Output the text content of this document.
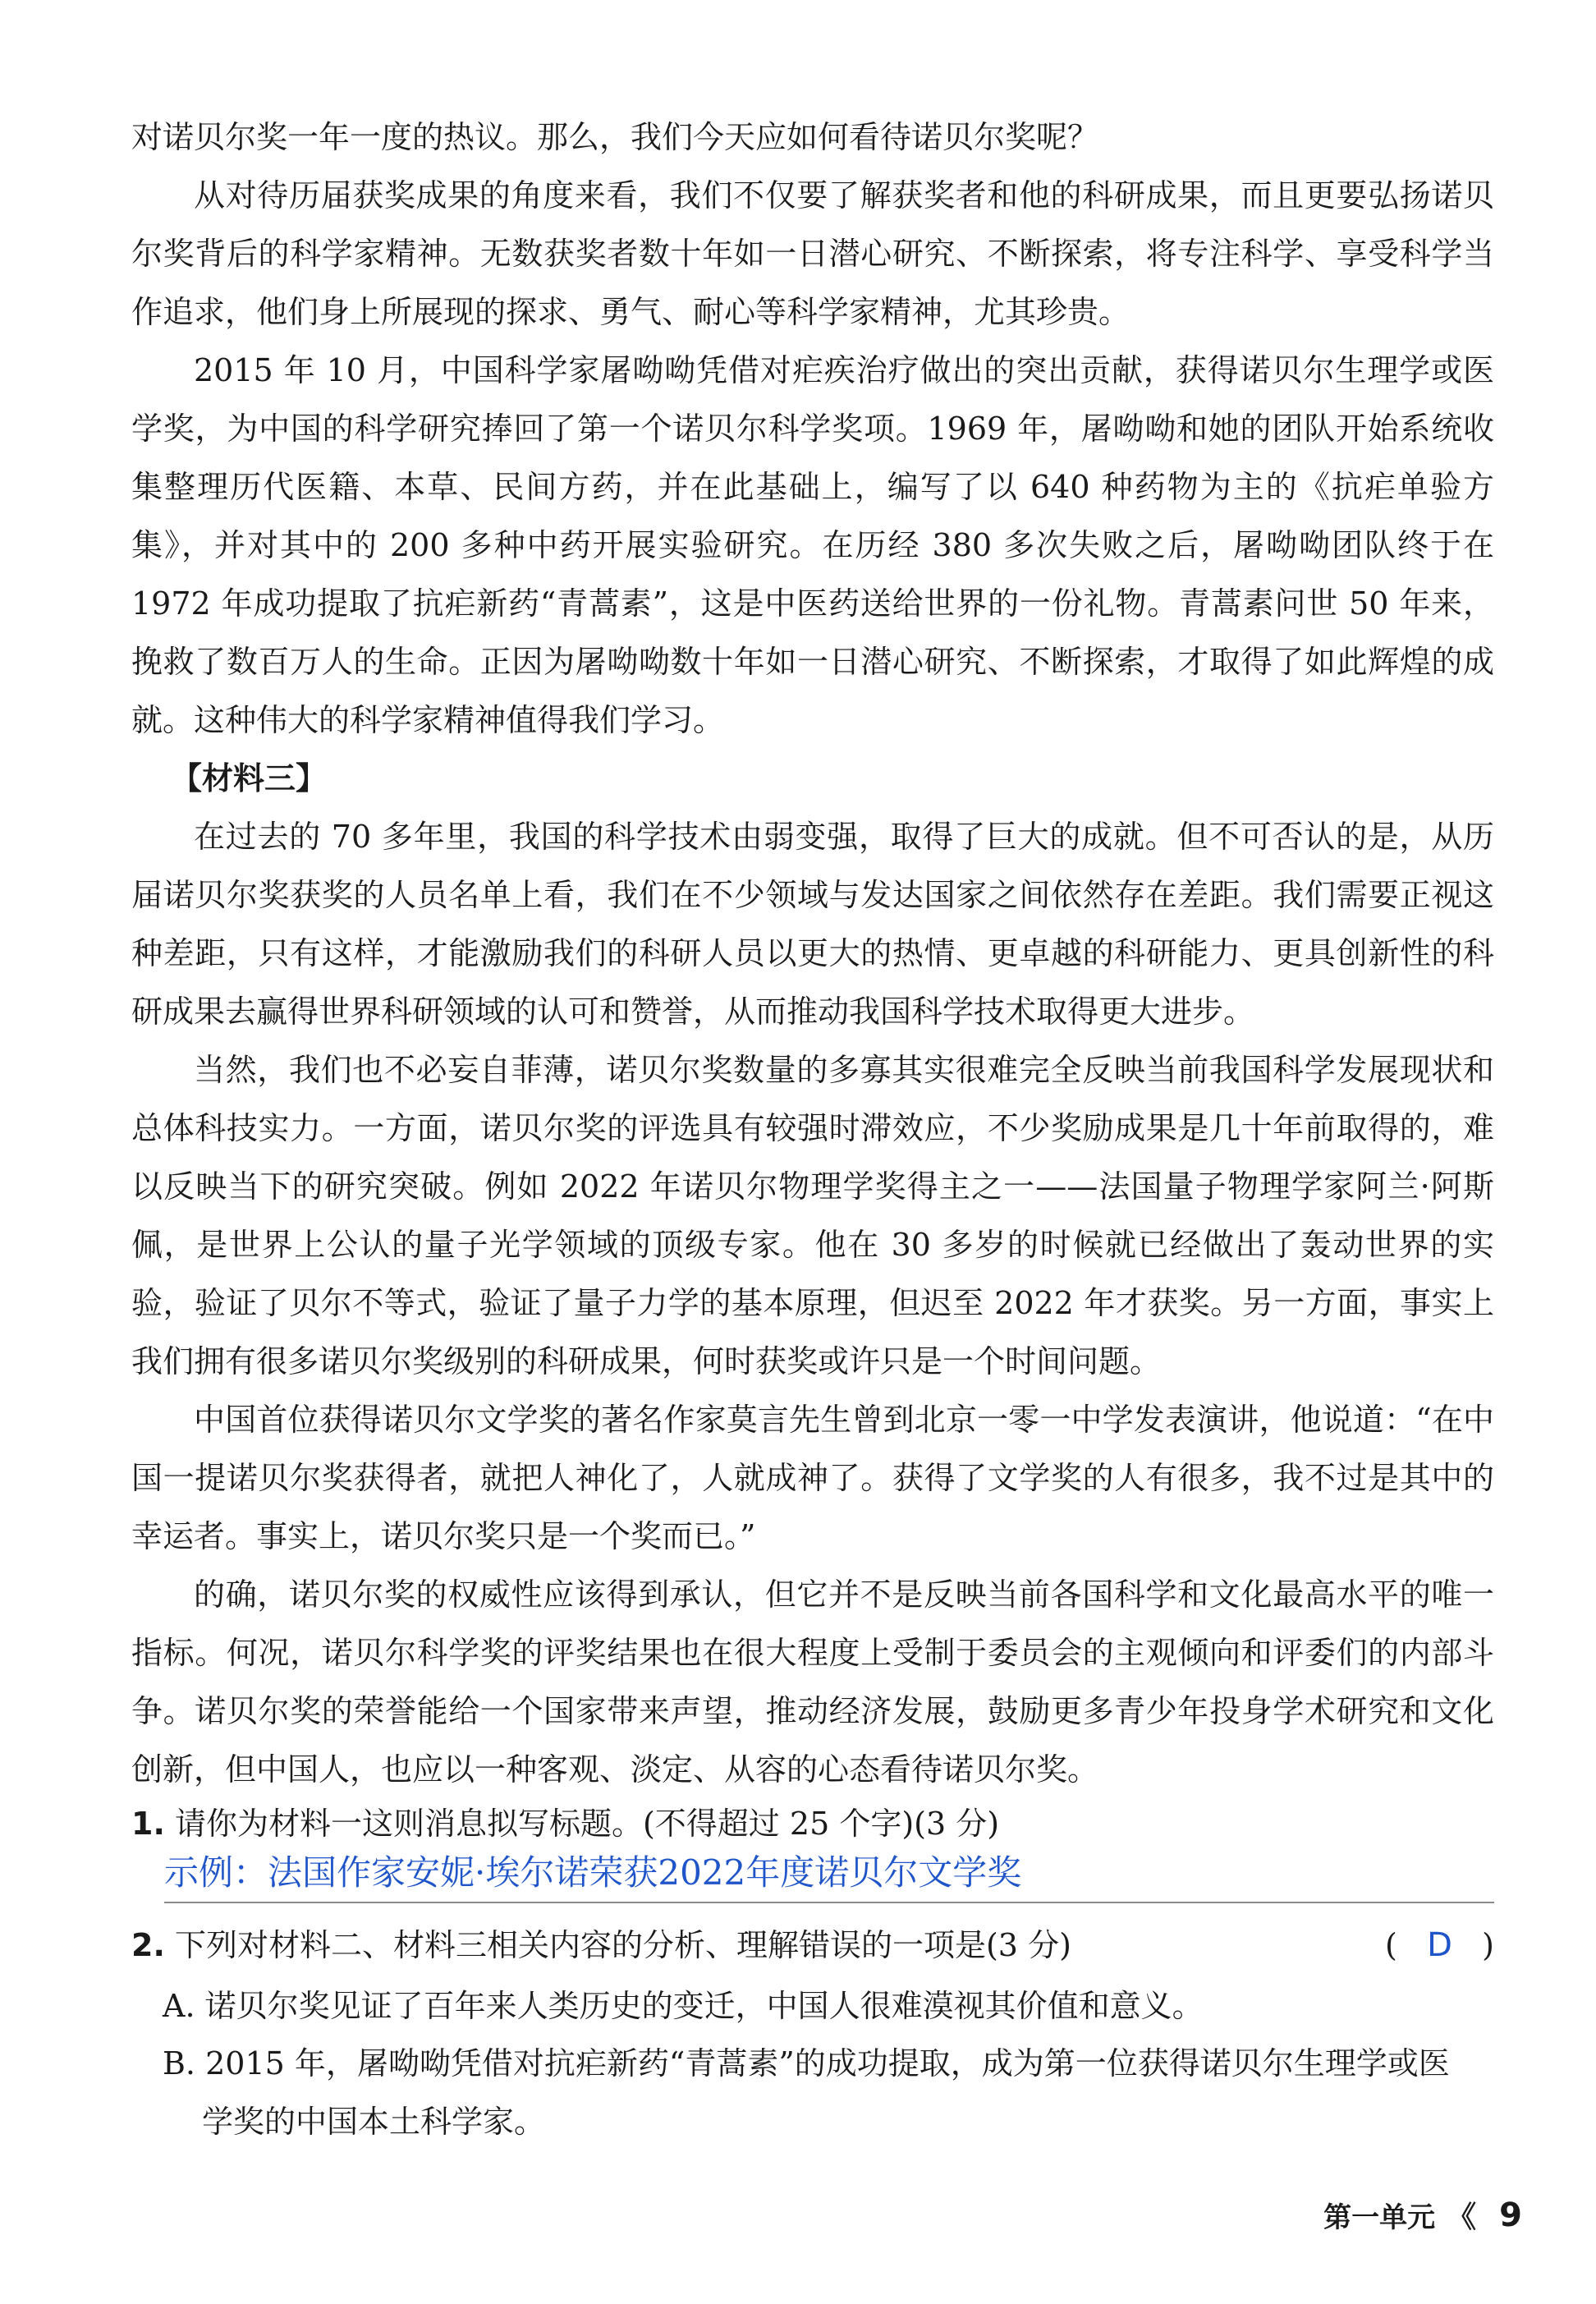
对诺贝尔奖一年一度的热议。那么，我们今天应如何看待诺贝尔奖呢？

从对待历届获奖成果的角度来看，我们不仅要了解获奖者和他的科研成果，而且更要弘扬诺贝尔奖背后的科学家精神。无数获奖者数十年如一日潜心研究、不断探索，将专注科学、享受科学当作追求，他们身上所展现的探求、勇气、耐心等科学家精神，尤其珍贵。

2015 年 10 月，中国科学家屠呦呦凭借对疟疾治疗做出的突出贡献，获得诺贝尔生理学或医学奖，为中国的科学研究捧回了第一个诺贝尔科学奖项。1969 年，屠呦呦和她的团队开始系统收集整理历代医籍、本草、民间方药，并在此基础上，编写了以 640 种药物为主的《抗疟单验方集》，并对其中的 200 多种中药开展实验研究。在历经 380 多次失败之后，屠呦呦团队终于在 1972 年成功提取了抗疟新药“青蒿素”，这是中医药送给世界的一份礼物。青蒿素问世 50 年来，挽救了数百万人的生命。正因为屠呦呦数十年如一日潜心研究、不断探索，才取得了如此辉煌的成就。这种伟大的科学家精神值得我们学习。

【材料三】

在过去的 70 多年里，我国的科学技术由弱变强，取得了巨大的成就。但不可否认的是，从历届诺贝尔奖获奖的人员名单上看，我们在不少领域与发达国家之间依然存在差距。我们需要正视这种差距，只有这样，才能激励我们的科研人员以更大的热情、更卓越的科研能力、更具创新性的科研成果去赢得世界科研领域的认可和赞誉，从而推动我国科学技术取得更大进步。

当然，我们也不必妄自菲薄，诺贝尔奖数量的多寡其实很难完全反映当前我国科学发展现状和总体科技实力。一方面，诺贝尔奖的评选具有较强时滞效应，不少奖励成果是几十年前取得的，难以反映当下的研究突破。例如 2022 年诺贝尔物理学奖得主之一——法国量子物理学家阿兰·阿斯佩，是世界上公认的量子光学领域的顶级专家。他在 30 多岁的时候就已经做出了轰动世界的实验，验证了贝尔不等式，验证了量子力学的基本原理，但迟至 2022 年才获奖。另一方面，事实上我们拥有很多诺贝尔奖级别的科研成果，何时获奖或许只是一个时间问题。

中国首位获得诺贝尔文学奖的著名作家莫言先生曾到北京一零一中学发表演讲，他说道：“在中国一提诺贝尔奖获得者，就把人神化了，人就成神了。获得了文学奖的人有很多，我不过是其中的幸运者。事实上，诺贝尔奖只是一个奖而已。”

的确，诺贝尔奖的权威性应该得到承认，但它并不是反映当前各国科学和文化最高水平的唯一指标。何况，诺贝尔科学奖的评奖结果也在很大程度上受制于委员会的主观倾向和评委们的内部斗争。诺贝尔奖的荣誉能给一个国家带来声望，推动经济发展，鼓励更多青少年投身学术研究和文化创新，但中国人，也应以一种客观、淡定、从容的心态看待诺贝尔奖。

1. 请你为材料一这则消息拟写标题。(不得超过 25 个字)(3 分)
示例：法国作家安妮·埃尔诺荣获2022年度诺贝尔文学奖
2. 下列对材料二、材料三相关内容的分析、理解错误的一项是(3 分)	( D )
A. 诺贝尔奖见证了百年来人类历史的变迁，中国人很难漠视其价值和意义。
B. 2015 年，屠呦呦凭借对抗疟新药“青蒿素”的成功提取，成为第一位获得诺贝尔生理学或医
学奖的中国本土科学家。
第一单元 《 9
